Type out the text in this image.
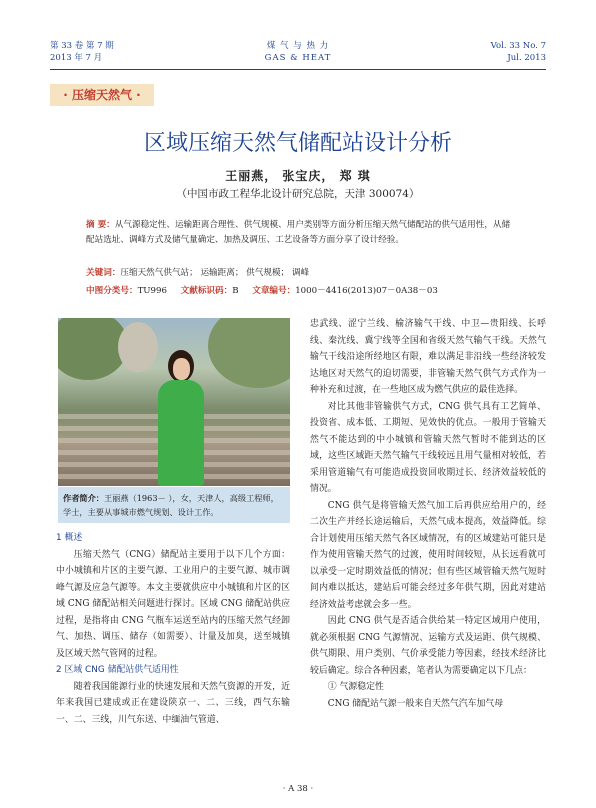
第 33 卷 第 7 期
2013 年 7 月
煤 气 与 热 力
GAS & HEAT
Vol. 33 No. 7
Jul. 2013
· 压缩天然气 ·
区域压缩天然气储配站设计分析
王丽燕， 张宝庆， 郑 琪
（中国市政工程华北设计研究总院，天津 300074）
摘 要：从气源稳定性、运输距离合理性、供气规模、用户类别等方面分析压缩天然气储配站的供气适用性，从储配站选址、调峰方式及储气量确定、加热及调压、工艺设备等方面分享了设计经验。
关键词：压缩天然气供气站； 运输距离； 供气规模； 调峰
中图分类号：TU996 文献标识码：B 文章编号：1000－4416(2013)07－0A38－03
作者简介：王丽燕（1963－ ），女，天津人，高级工程师，学士，主要从事城市燃气规划、设计工作。
1 概述

压缩天然气（CNG）储配站主要用于以下几个方面：中小城镇和片区的主要气源、工业用户的主要气源、城市调峰气源及应急气源等。本文主要就供应中小城镇和片区的区域 CNG 储配站相关问题进行探讨。区域 CNG 储配站供应过程，是指将由 CNG 气瓶车运送至站内的压缩天然气经卸气、加热、调压、储存（如需要）、计量及加臭，送至城镇及区域天然气管网的过程。

2 区域 CNG 储配站供气适用性

随着我国能源行业的快速发展和天然气资源的开发，近年来我国已建成或正在建设陕京一、二、三线，西气东输一、二、三线，川气东送、中缅油气管道、

忠武线、涩宁兰线、榆济输气干线、中卫—贵阳线、长呼线、秦沈线、冀宁线等全国和省级天然气输气干线。天然气输气干线沿途所经地区有限，难以满足非沿线一些经济较发达地区对天然气的迫切需要，非管输天然气供气方式作为一种补充和过渡，在一些地区成为燃气供应的最佳选择。

对比其他非管输供气方式，CNG 供气具有工艺简单、投资省、成本低、工期短、见效快的优点。一般用于管输天然气不能达到的中小城镇和管输天然气暂时不能到达的区域，这些区域距天然气输气干线较远且用气量相对较低，若采用管道输气有可能造成投资回收期过长、经济效益较低的情况。

CNG 供气是将管输天然气加工后再供应给用户的，经二次生产并经长途运输后，天然气成本提高，效益降低。综合计划使用压缩天然气各区域情况，有的区域建站可能只是作为使用管输天然气的过渡，使用时间较短，从长远看就可以承受一定时期效益低的情况；但有些区域管输天然气短时间内难以抵达，建站后可能会经过多年供气期，因此对建站经济效益考虑就会多一些。

因此 CNG 供气是否适合供给某一特定区域用户使用，就必须根据 CNG 气源情况、运输方式及运距、供气规模、供气期限、用户类别、气价承受能力等因素，经技术经济比较后确定。综合各种因素，笔者认为需要确定以下几点：

① 气源稳定性

CNG 储配站气源一般来自天然气汽车加气母

· A 38 ·
